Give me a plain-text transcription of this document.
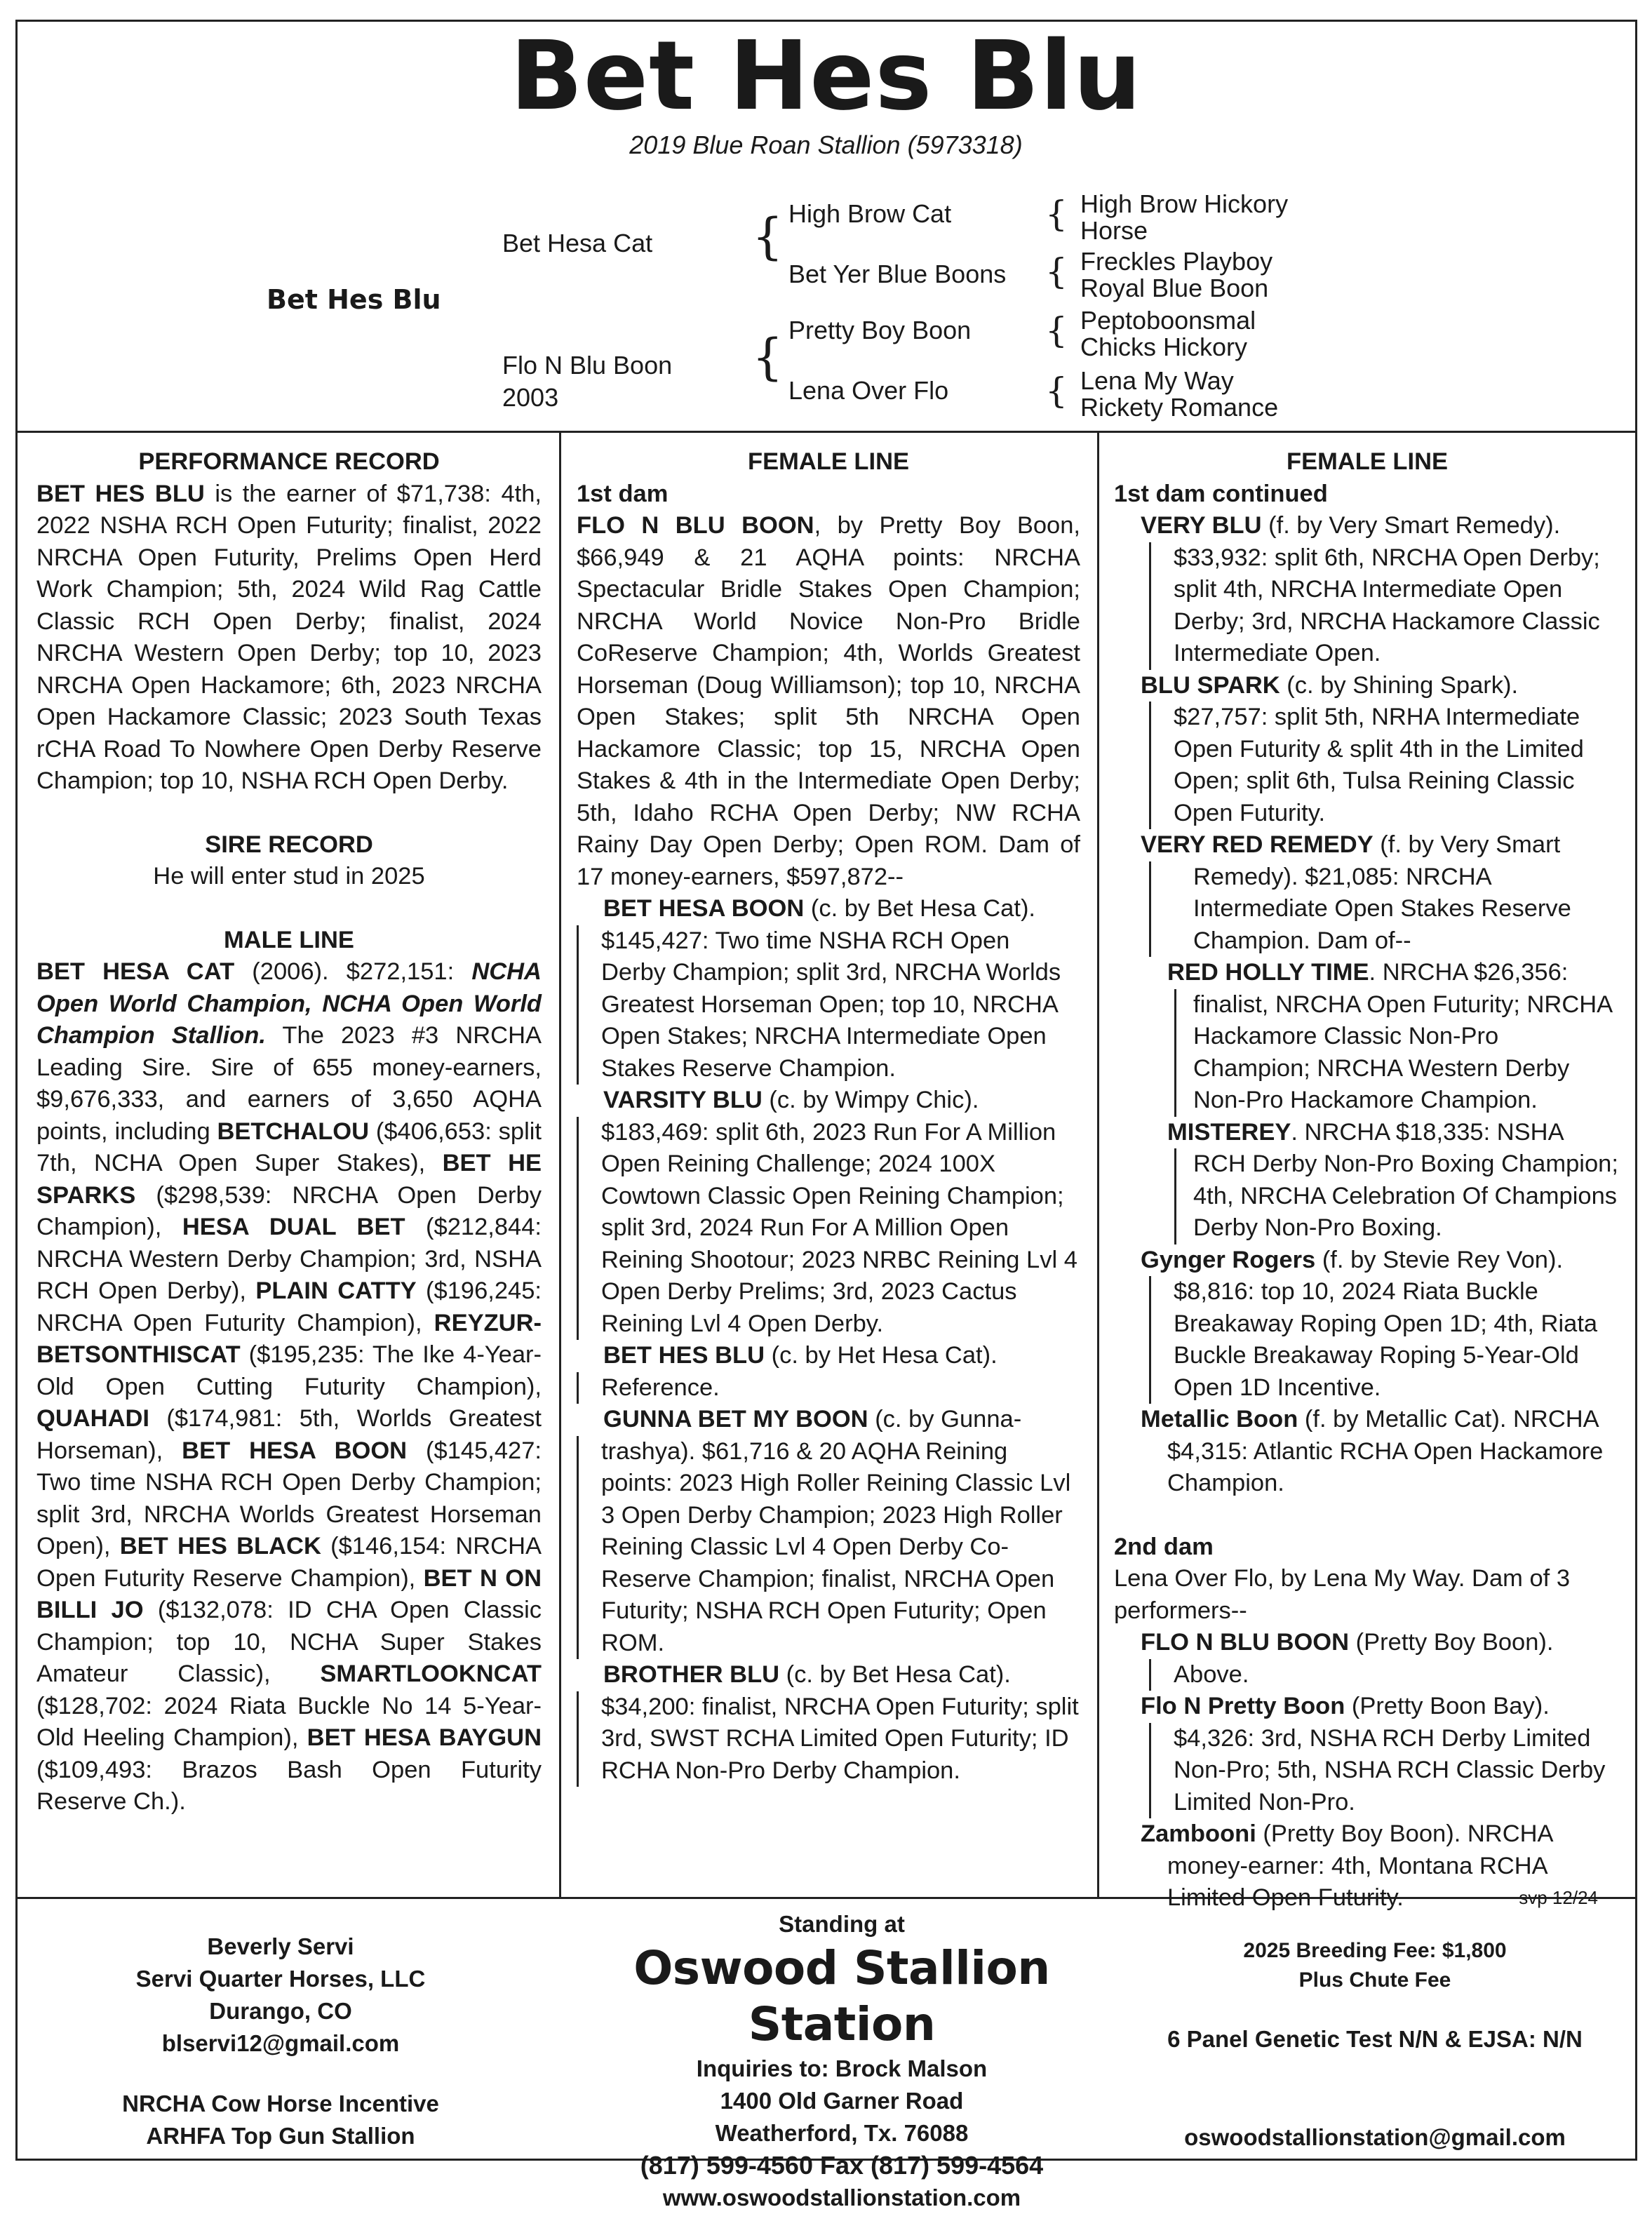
Bet Hes Blu
2019 Blue Roan Stallion (5973318)
Bet Hes Blu
Bet Hesa Cat
Flo N Blu Boon
2003
{
{
High Brow Cat
Bet Yer Blue Boons
Pretty Boy Boon
Lena Over Flo
{
{
{
{
High Brow Hickory
Horse
Freckles Playboy
Royal Blue Boon
Peptoboonsmal
Chicks Hickory
Lena My Way
Rickety Romance
PERFORMANCE RECORD

BET HES BLU is the earner of $71,738: 4th, 2022 NSHA RCH Open Futurity; finalist, 2022 NRCHA Open Futurity, Prelims Open Herd Work Champion; 5th, 2024 Wild Rag Cattle Classic RCH Open Derby; finalist, 2024 NRCHA Western Open Derby; top 10, 2023 NRCHA Open Hackamore; 6th, 2023 NRCHA Open Hackamore Classic; 2023 South Texas rCHA Road To Nowhere Open Derby Reserve Champion; top 10, NSHA RCH Open Derby.

SIRE RECORD

He will enter stud in 2025

MALE LINE

BET HESA CAT (2006). $272,151: NCHA Open World Champion, NCHA Open World Champion Stallion. The 2023 #3 NRCHA Leading Sire. Sire of 655 money-earners, $9,676,333, and earners of 3,650 AQHA points, including BETCHALOU ($406,653: split 7th, NCHA Open Super Stakes), BET HE SPARKS ($298,539: NRCHA Open Derby Champion), HESA DUAL BET ($212,844: NRCHA Western Derby Champion; 3rd, NSHA RCH Open Derby), PLAIN CATTY ($196,245: NRCHA Open Futurity Champion), REYZUR-BETSONTHISCAT ($195,235: The Ike 4-Year-Old Open Cutting Futurity Champion), QUAHADI ($174,981: 5th, Worlds Greatest Horseman), BET HESA BOON ($145,427: Two time NSHA RCH Open Derby Champion; split 3rd, NRCHA Worlds Greatest Horseman Open), BET HES BLACK ($146,154: NRCHA Open Futurity Reserve Champion), BET N ON BILLI JO ($132,078: ID CHA Open Classic Champion; top 10, NCHA Super Stakes Amateur Classic), SMARTLOOKNCAT ($128,702: 2024 Riata Buckle No 14 5-Year-Old Heeling Champion), BET HESA BAYGUN ($109,493: Brazos Bash Open Futurity Reserve Ch.).

FEMALE LINE

1st dam

FLO N BLU BOON, by Pretty Boy Boon, $66,949 & 21 AQHA points: NRCHA Spectacular Bridle Stakes Open Champion; NRCHA World Novice Non-Pro Bridle CoReserve Champion; 4th, Worlds Greatest Horseman (Doug Williamson); top 10, NRCHA Open Stakes; split 5th NRCHA Open Hackamore Classic; top 15, NRCHA Open Stakes & 4th in the Intermediate Open Derby; 5th, Idaho RCHA Open Derby; NW RCHA Rainy Day Open Derby; Open ROM. Dam of 17 money-earners, $597,872--

BET HESA BOON (c. by Bet Hesa Cat).

$145,427: Two time NSHA RCH Open Derby Champion; split 3rd, NRCHA Worlds Greatest Horseman Open; top 10, NRCHA Open Stakes; NRCHA Intermediate Open Stakes Reserve Champion.

VARSITY BLU (c. by Wimpy Chic).

$183,469: split 6th, 2023 Run For A Million Open Reining Challenge; 2024 100X Cowtown Classic Open Reining Champion; split 3rd, 2024 Run For A Million Open Reining Shootour; 2023 NRBC Reining Lvl 4 Open Derby Prelims; 3rd, 2023 Cactus Reining Lvl 4 Open Derby.

BET HES BLU (c. by Het Hesa Cat).

Reference.

GUNNA BET MY BOON (c. by Gunna-

trashya). $61,716 & 20 AQHA Reining points: 2023 High Roller Reining Classic Lvl 3 Open Derby Champion; 2023 High Roller Reining Classic Lvl 4 Open Derby Co-Reserve Champion; finalist, NRCHA Open Futurity; NSHA RCH Open Futurity; Open ROM.

BROTHER BLU (c. by Bet Hesa Cat).

$34,200: finalist, NRCHA Open Futurity; split 3rd, SWST RCHA Limited Open Futurity; ID RCHA Non-Pro Derby Champion.

FEMALE LINE

1st dam continued

VERY BLU (f. by Very Smart Remedy).

$33,932: split 6th, NRCHA Open Derby; split 4th, NRCHA Intermediate Open Derby; 3rd, NRCHA Hackamore Classic Intermediate Open.

BLU SPARK (c. by Shining Spark).

$27,757: split 5th, NRHA Intermediate Open Futurity & split 4th in the Limited Open; split 6th, Tulsa Reining Classic Open Futurity.

VERY RED REMEDY (f. by Very Smart

Remedy). $21,085: NRCHA Intermediate Open Stakes Reserve Champion. Dam of--

RED HOLLY TIME. NRCHA $26,356:

finalist, NRCHA Open Futurity; NRCHA Hackamore Classic Non-Pro Champion; NRCHA Western Derby Non-Pro Hackamore Champion.

MISTEREY. NRCHA $18,335: NSHA

RCH Derby Non-Pro Boxing Champion; 4th, NRCHA Celebration Of Champions Derby Non-Pro Boxing.

Gynger Rogers (f. by Stevie Rey Von).

$8,816: top 10, 2024 Riata Buckle Breakaway Roping Open 1D; 4th, Riata Buckle Breakaway Roping 5-Year-Old Open 1D Incentive.

Metallic Boon (f. by Metallic Cat). NRCHA

$4,315: Atlantic RCHA Open Hackamore Champion.

2nd dam

Lena Over Flo, by Lena My Way. Dam of 3 performers--

FLO N BLU BOON (Pretty Boy Boon).

Above.

Flo N Pretty Boon (Pretty Boon Bay).

$4,326: 3rd, NSHA RCH Derby Limited Non-Pro; 5th, NSHA RCH Classic Derby Limited Non-Pro.

Zambooni (Pretty Boy Boon). NRCHA

money-earner: 4th, Montana RCHA Limited Open Futurity.	svp 12/24

Beverly Servi
Servi Quarter Horses, LLC
Durango, CO
blservi12@gmail.com
NRCHA Cow Horse Incentive
ARHFA Top Gun Stallion
Standing at
Oswood Stallion Station
Inquiries to: Brock Malson
1400 Old Garner Road
Weatherford, Tx. 76088
(817) 599-4560 Fax (817) 599-4564
www.oswoodstallionstation.com
2025 Breeding Fee: $1,800
Plus Chute Fee
6 Panel Genetic Test N/N & EJSA: N/N
oswoodstallionstation@gmail.com
